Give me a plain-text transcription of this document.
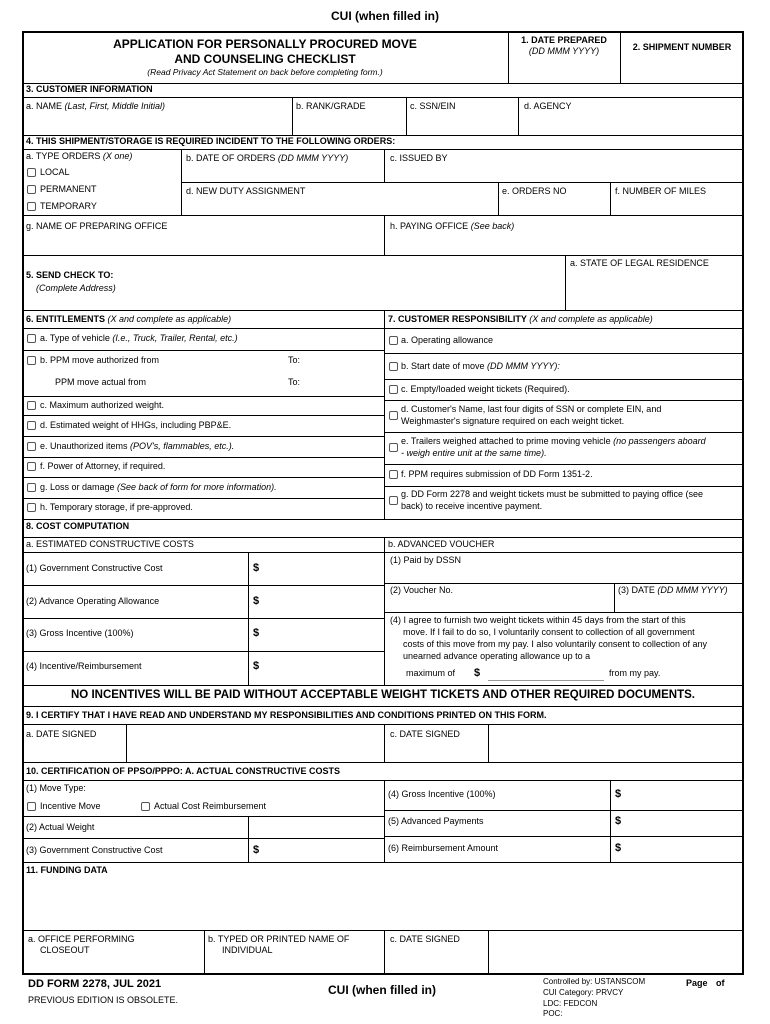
CUI (when filled in)
APPLICATION FOR PERSONALLY PROCURED MOVE
AND COUNSELING CHECKLIST
(Read Privacy Act Statement on back before completing form.)
1. DATE PREPARED
(DD MMM YYYY)	2. SHIPMENT NUMBER
3. CUSTOMER INFORMATION
a. NAME (Last, First, Middle Initial)	b. RANK/GRADE	c. SSN/EIN	d. AGENCY
4. THIS SHIPMENT/STORAGE IS REQUIRED INCIDENT TO THE FOLLOWING ORDERS:
a. TYPE ORDERS (X one)
LOCAL
PERMANENT
TEMPORARY
b. DATE OF ORDERS (DD MMM YYYY)	c. ISSUED BY
d. NEW DUTY ASSIGNMENT	e. ORDERS NO	f. NUMBER OF MILES
g. NAME OF PREPARING OFFICE	h. PAYING OFFICE (See back)
5. SEND CHECK TO:
(Complete Address)
a. STATE OF LEGAL RESIDENCE
6. ENTITLEMENTS (X and complete as applicable)	7. CUSTOMER RESPONSIBILITY (X and complete as applicable)
a. Type of vehicle (I.e., Truck, Trailer, Rental, etc.)
b. PPM move authorized from	To:
PPM move actual from	To:
c. Maximum authorized weight.
d. Estimated weight of HHGs, including PBP&E.
e. Unauthorized items (POV's, flammables, etc.).
f. Power of Attorney, if required.
g. Loss or damage (See back of form for more information).
h. Temporary storage, if pre-approved.
a. Operating allowance
b. Start date of move (DD MMM YYYY):
c. Empty/loaded weight tickets (Required).
d. Customer's Name, last four digits of SSN or complete EIN, and
Weighmaster's signature required on each weight ticket.
e. Trailers weighed attached to prime moving vehicle (no passengers aboard
- weigh entire unit at the same time).
f. PPM requires submission of DD Form 1351-2.
g. DD Form 2278 and weight tickets must be submitted to paying office (see
back) to receive incentive payment.
8. COST COMPUTATION
a. ESTIMATED CONSTRUCTIVE COSTS	b. ADVANCED VOUCHER
(1) Government Constructive Cost	$
(2) Advance Operating Allowance	$
(3) Gross Incentive (100%)	$
(4) Incentive/Reimbursement	$
(1) Paid by DSSN
(2) Voucher No.	(3) DATE (DD MMM YYYY)
(4) I agree to furnish two weight tickets within 45 days from the start of this
move. If I fail to do so, I voluntarily consent to collection of all government
costs of this move from my pay. I also voluntarily consent to collection of any
unearned advance operating allowance up to a
maximum of $	from my pay.
NO INCENTIVES WILL BE PAID WITHOUT ACCEPTABLE WEIGHT TICKETS AND OTHER REQUIRED DOCUMENTS.
9. I CERTIFY THAT I HAVE READ AND UNDERSTAND MY RESPONSIBILITIES AND CONDITIONS PRINTED ON THIS FORM.
a. DATE SIGNED	c. DATE SIGNED
10. CERTIFICATION OF PPSO/PPPO: A. ACTUAL CONSTRUCTIVE COSTS
(1) Move Type:
Incentive Move	Actual Cost Reimbursement
(2) Actual Weight
(3) Government Constructive Cost	$
(4) Gross Incentive (100%)	$
(5) Advanced Payments	$
(6) Reimbursement Amount	$
11. FUNDING DATA
a. OFFICE PERFORMING
CLOSEOUT
b. TYPED OR PRINTED NAME OF
INDIVIDUAL
c. DATE SIGNED
DD FORM 2278, JUL 2021
PREVIOUS EDITION IS OBSOLETE.
CUI (when filled in)
Controlled by: USTANSCOM
CUI Category: PRVCY
LDC: FEDCON
POC:
Page of
